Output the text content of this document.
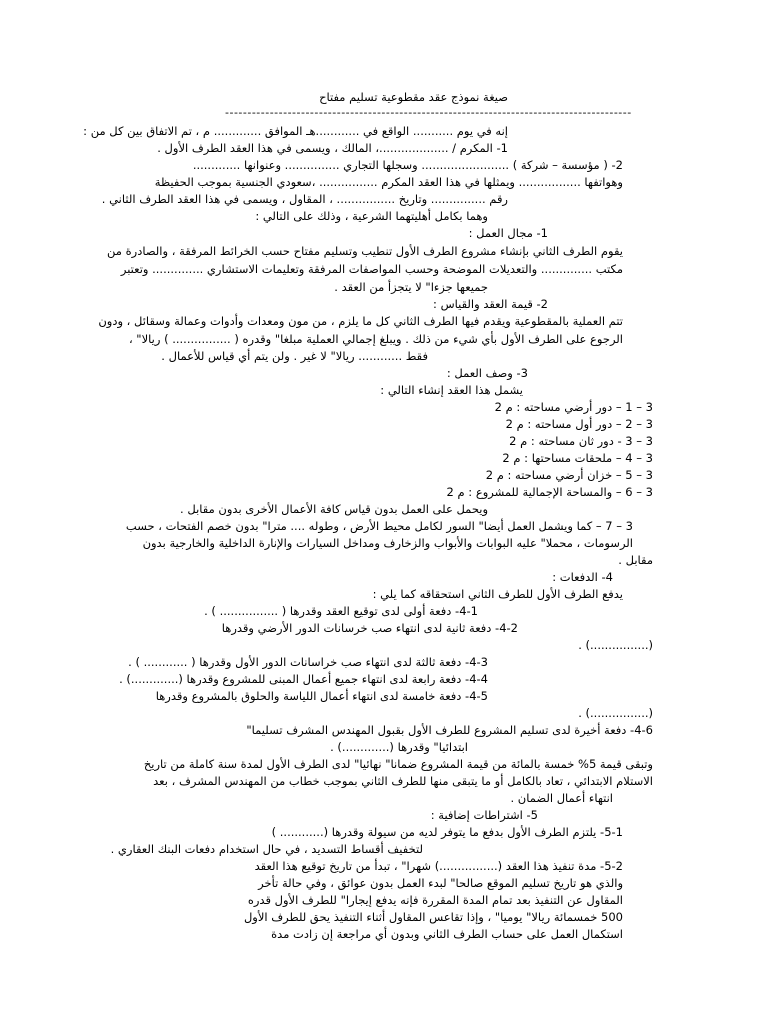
صيغة نموذج عقد مقطوعية تسليم مفتاح
-------------------------------------------------------------------------------------------
إنه في يوم ........... الواقع في ............هـ الموافق ............. م ، تم الاتفاق بين كل من :
1- المكرم / ...................، المالك ، ويسمى في هذا العقد الطرف الأول .
2- ( مؤسسة – شركة ) ........................ وسجلها التجاري ............... وعنوانها .............
وهواتفها ................. ويمثلها في هذا العقد المكرم ................ ،سعودي الجنسية بموجب الحفيظة
رقم ............... وتاريخ ................ ، المقاول ، ويسمى في هذا العقد الطرف الثاني .
وهما بكامل أهليتهما الشرعية ، وذلك على التالي :
1- مجال العمل :
يقوم الطرف الثاني بإنشاء مشروع الطرف الأول تنطيب وتسليم مفتاح حسب الخرائط المرفقة ، والصادرة من
مكتب .............. والتعديلات الموضحة وحسب المواصفات المرفقة وتعليمات الاستشاري .............. وتعتبر
جميعها جزءا" لا يتجزأ من العقد .
2- قيمة العقد والقياس :
تتم العملية بالمقطوعية ويقدم فيها الطرف الثاني كل ما يلزم ، من مون ومعدات وأدوات وعمالة وسقائل ، ودون
الرجوع على الطرف الأول بأي شيء من ذلك . ويبلغ إجمالي العملية مبلغا" وقدره ( ................ ) ريالا" ،
فقط ............ ريالا" لا غير . ولن يتم أي قياس للأعمال .
3- وصف العمل :
يشمل هذا العقد إنشاء التالي :
3 – 1 – دور أرضي مساحته : م 2
3 – 2 – دور أول مساحته : م 2
3 – 3 - دور ثان مساحته : م 2
3 – 4 – ملحقات مساحتها : م 2
3 – 5 – خزان أرضي مساحته : م 2
3 – 6 – والمساحة الإجمالية للمشروع : م 2
ويحمل على العمل بدون قياس كافة الأعمال الأخرى بدون مقابل .
3 – 7 – كما ويشمل العمل أيضا" السور لكامل محيط الأرض ، وطوله .... مترا" بدون خصم الفتحات ، حسب
الرسومات ، محملا" عليه البوابات والأبواب والزخارف ومداخل السيارات والإنارة الداخلية والخارجية بدون
مقابل .
4- الدفعات :
يدفع الطرف الأول للطرف الثاني استحقاقه كما يلي :
4-1- دفعة أولى لدى توقيع العقد وقدرها ( ................ ) .
4-2- دفعة ثانية لدى انتهاء صب خرسانات الدور الأرضي وقدرها
(................) .
4-3- دفعة ثالثة لدى انتهاء صب خراسانات الدور الأول وقدرها ( ............ ) .
4-4- دفعة رابعة لدى انتهاء جميع أعمال المبنى للمشروع وقدرها (.............) .
4-5- دفعة خامسة لدى انتهاء أعمال اللياسة والحلوق بالمشروع وقدرها
(................) .
4-6- دفعة أخيرة لدى تسليم المشروع للطرف الأول بقبول المهندس المشرف تسليما"
ابتدائيا" وقدرها (.............) .
وتبقى قيمة 5% خمسة بالمائة من قيمة المشروع ضمانا" نهائيا" لدى الطرف الأول لمدة سنة كاملة من تاريخ
الاستلام الابتدائي ، تعاد بالكامل أو ما يتبقى منها للطرف الثاني بموجب خطاب من المهندس المشرف ، بعد
انتهاء أعمال الضمان .
5- اشتراطات إضافية :
5-1- يلتزم الطرف الأول بدفع ما يتوفر لديه من سيولة وقدرها (............ )
لتخفيف أقساط التسديد ، في حال استخدام دفعات البنك العقاري .
5-2- مدة تنفيذ هذا العقد (................) شهرا" ، تبدأ من تاريخ توقيع هذا العقد
والذي هو تاريخ تسليم الموقع صالحا" لبدء العمل بدون عوائق ، وفي حالة تأخر
المقاول عن التنفيذ بعد تمام المدة المقررة فإنه يدفع إيجارا" للطرف الأول قدره
500 خمسمائة ريالا" يوميا" ، وإذا تقاعس المقاول أثناء التنفيذ يحق للطرف الأول
استكمال العمل على حساب الطرف الثاني وبدون أي مراجعة إن زادت مدة
